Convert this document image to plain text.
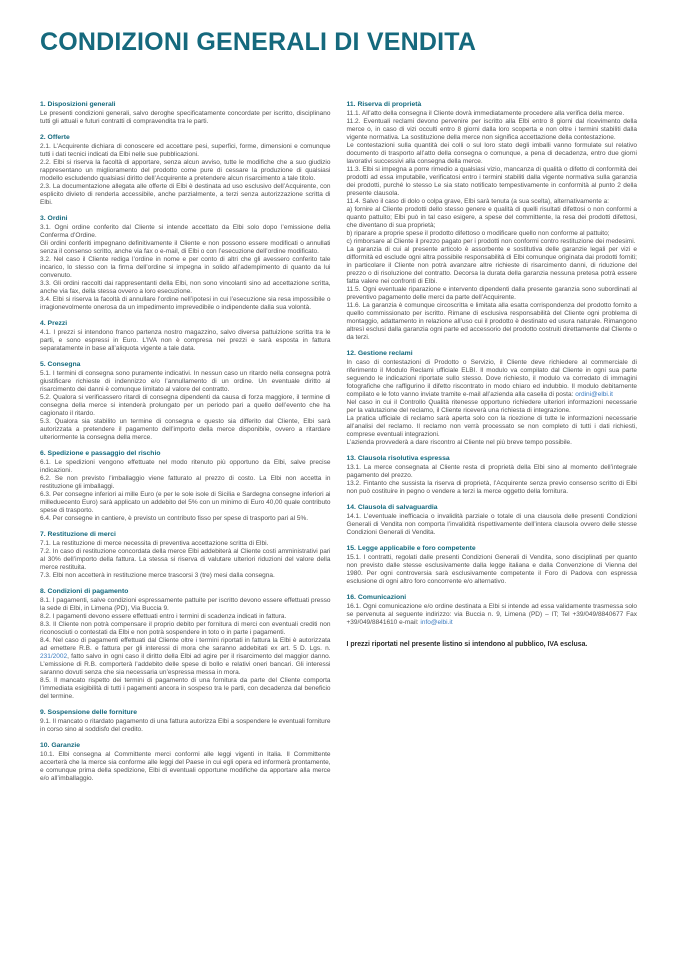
CONDIZIONI GENERALI DI VENDITA
1. Disposizioni generali

Le presenti condizioni generali, salvo deroghe specificatamente concordate per iscritto, disciplinano tutti gli attuali e futuri contratti di compravendita tra le parti.

2. Offerte

2.1. L’Acquirente dichiara di conoscere ed accettare pesi, superfici, forme, dimensioni e comunque tutti i dati tecnici indicati da Elbi nelle sue pubblicazioni.

2.2. Elbi si riserva la facoltà di apportare, senza alcun avviso, tutte le modifiche che a suo giudizio rappresentano un miglioramento del prodotto come pure di cessare la produzione di qualsiasi modello escludendo qualsiasi diritto dell’Acquirente a pretendere alcun risarcimento a tale titolo.

2.3. La documentazione allegata alle offerte di Elbi è destinata ad uso esclusivo dell’Acquirente, con esplicito divieto di renderla accessibile, anche parzialmente, a terzi senza autorizzazione scritta di Elbi.

3. Ordini

3.1. Ogni ordine conferito dal Cliente si intende accettato da Elbi solo dopo l’emissione della Conferma d’Ordine.

Gli ordini conferiti impegnano definitivamente il Cliente e non possono essere modificati o annullati senza il consenso scritto, anche via fax o e-mail, di Elbi o con l’esecuzione dell’ordine modificato.

3.2. Nel caso il Cliente rediga l’ordine in nome e per conto di altri che gli avessero conferito tale incarico, lo stesso con la firma dell’ordine si impegna in solido all’adempimento di quanto da lui convenuto.

3.3. Gli ordini raccolti dai rappresentanti della Elbi, non sono vincolanti sino ad accettazione scritta, anche via fax, della stessa ovvero a loro esecuzione.

3.4. Elbi si riserva la facoltà di annullare l’ordine nell’ipotesi in cui l’esecuzione sia resa impossibile o irragionevolmente onerosa da un impedimento imprevedibile o indipendente dalla sua volontà.

4. Prezzi

4.1. I prezzi si intendono franco partenza nostro magazzino, salvo diversa pattuizione scritta tra le parti, e sono espressi in Euro. L’IVA non è compresa nei prezzi e sarà esposta in fattura separatamente in base all’aliquota vigente a tale data.

5. Consegna

5.1. I termini di consegna sono puramente indicativi. In nessun caso un ritardo nella consegna potrà giustificare richieste di indennizzo e/o l’annullamento di un ordine. Un eventuale diritto al risarcimento dei danni è comunque limitato al valore del contratto.

5.2. Qualora si verificassero ritardi di consegna dipendenti da causa di forza maggiore, il termine di consegna della merce si intenderà prolungato per un periodo pari a quello dell’evento che ha cagionato il ritardo.

5.3. Qualora sia stabilito un termine di consegna e questo sia differito dal Cliente, Elbi sarà autorizzata a pretendere il pagamento dell’importo della merce disponibile, ovvero a ritardare ulteriormente la consegna della merce.

6. Spedizione e passaggio del rischio

6.1. Le spedizioni vengono effettuate nel modo ritenuto più opportuno da Elbi, salve precise indicazioni.

6.2. Se non previsto l’imballaggio viene fatturato al prezzo di costo. La Elbi non accetta in restituzione gli imballaggi.

6.3. Per consegne inferiori ai mille Euro (e per le sole isole di Sicilia e Sardegna consegne inferiori ai milleduecento Euro) sarà applicato un addebito del 5% con un minimo di Euro 40,00 quale contributo spese di trasporto.

6.4. Per consegne in cantiere, è previsto un contributo fisso per spese di trasporto pari al 5%.

7. Restituzione di merci

7.1. La restituzione di merce necessita di preventiva accettazione scritta di Elbi.

7.2. In caso di restituzione concordata della merce Elbi addebiterà al Cliente costi amministrativi pari al 30% dell’importo della fattura. La stessa si riserva di valutare ulteriori riduzioni del valore della merce restituita.

7.3. Elbi non accetterà in restituzione merce trascorsi 3 (tre) mesi dalla consegna.

8. Condizioni di pagamento

8.1. I pagamenti, salve condizioni espressamente pattuite per iscritto devono essere effettuati presso la sede di Elbi, in Limena (PD), Via Buccia 9.

8.2. I pagamenti devono essere effettuati entro i termini di scadenza indicati in fattura.

8.3. Il Cliente non potrà compensare il proprio debito per fornitura di merci con eventuali crediti non riconosciuti o contestati da Elbi e non potrà sospendere in toto o in parte i pagamenti.

8.4. Nel caso di pagamenti effettuati dal Cliente oltre i termini riportati in fattura la Elbi è autorizzata ad emettere R.B. e fattura per gli interessi di mora che saranno addebitati ex art. 5 D. Lgs. n. 231/2002, fatto salvo in ogni caso il diritto della Elbi ad agire per il risarcimento del maggior danno. L’emissione di R.B. comporterà l’addebito delle spese di bollo e relativi oneri bancari. Gli interessi saranno dovuti senza che sia necessaria un’espressa messa in mora.

8.5. Il mancato rispetto dei termini di pagamento di una fornitura da parte del Cliente comporta l’immediata esigibilità di tutti i pagamenti ancora in sospeso tra le parti, con decadenza dal beneficio del termine.

9. Sospensione delle forniture

9.1. Il mancato o ritardato pagamento di una fattura autorizza Elbi a sospendere le eventuali forniture in corso sino al soddisfo del credito.

10. Garanzie

10.1. Elbi consegna al Committente merci conformi alle leggi vigenti in Italia. Il Committente accerterà che la merce sia conforme alle leggi del Paese in cui egli opera ed informerà prontamente, e comunque prima della spedizione, Elbi di eventuali opportune modifiche da apportare alla merce e/o all’imballaggio.

11. Riserva di proprietà

11.1. All’atto della consegna il Cliente dovrà immediatamente procedere alla verifica della merce.

11.2. Eventuali reclami devono pervenire per iscritto alla Elbi entro 8 giorni dal ricevimento della merce o, in caso di vizi occulti entro 8 giorni dalla loro scoperta e non oltre i termini stabiliti dalla vigente normativa. La sostituzione della merce non significa accettazione della contestazione.

Le contestazioni sulla quantità dei colli o sul loro stato degli imballi vanno formulate sul relativo documento di trasporto all’atto della consegna o comunque, a pena di decadenza, entro due giorni lavorativi successivi alla consegna della merce.

11.3. Elbi si impegna a porre rimedio a qualsiasi vizio, mancanza di qualità o difetto di conformità dei prodotti ad essa imputabile, verificatosi entro i termini stabiliti dalla vigente normativa sulla garanzia dei prodotti, purché lo stesso Le sia stato notificato tempestivamente in conformità al punto 2 della presente clausola.

11.4. Salvo il caso di dolo o colpa grave, Elbi sarà tenuta (a sua scelta), alternativamente a:

a) fornire al Cliente prodotti dello stesso genere e qualità di quelli risultati difettosi o non conformi a quanto pattuito; Elbi può in tal caso esigere, a spese del committente, la resa dei prodotti difettosi, che diventano di sua proprietà;

b) riparare a proprie spese il prodotto difettoso o modificare quello non conforme al pattuito;

c) rimborsare al Cliente il prezzo pagato per i prodotti non conformi contro restituzione dei medesimi.

La garanzia di cui al presente articolo è assorbente e sostitutiva delle garanzie legali per vizi e difformità ed esclude ogni altra possibile responsabilità di Elbi comunque originata dai prodotti forniti; in particolare il Cliente non potrà avanzare altre richieste di risarcimento danni, di riduzione del prezzo o di risoluzione del contratto. Decorsa la durata della garanzia nessuna pretesa potrà essere fatta valere nei confronti di Elbi.

11.5. Ogni eventuale riparazione e intervento dipendenti dalla presente garanzia sono subordinati al preventivo pagamento delle merci da parte dell’Acquirente.

11.6. La garanzia è comunque circoscritta e limitata alla esatta corrispondenza del prodotto fornito a quello commissionato per iscritto. Rimane di esclusiva responsabilità del Cliente ogni problema di montaggio, adattamento in relazione all’uso cui il prodotto è destinato ed usura naturale. Rimangono altresì esclusi dalla garanzia ogni parte ed accessorio del prodotto costruiti direttamente dal Cliente o da terzi.

12. Gestione reclami

In caso di contestazioni di Prodotto o Servizio, il Cliente deve richiedere al commerciale di riferimento il Modulo Reclami ufficiale ELBI. Il modulo va compilato dal Cliente in ogni sua parte seguendo le indicazioni riportate sullo stesso. Dove richiesto, il modulo va corredato di immagini fotografiche che raffigurino il difetto riscontrato in modo chiaro ed indubbio. Il modulo debitamente compilato e le foto vanno inviate tramite e-mail all’azienda alla casella di posta: ordini@elbi.it

Nel caso in cui il Controllo Qualità ritenesse opportuno richiedere ulteriori informazioni necessarie per la valutazione del reclamo, il Cliente riceverà una richiesta di integrazione.

La pratica ufficiale di reclamo sarà aperta solo con la ricezione di tutte le informazioni necessarie all’analisi del reclamo. Il reclamo non verrà processato se non completo di tutti i dati richiesti, comprese eventuali integrazioni.

L’azienda provvederà a dare riscontro al Cliente nel più breve tempo possibile.

13. Clausola risolutiva espressa

13.1. La merce consegnata al Cliente resta di proprietà della Elbi sino al momento dell’integrale pagamento del prezzo.

13.2. Fintanto che sussista la riserva di proprietà, l’Acquirente senza previo consenso scritto di Elbi non può costituire in pegno o vendere a terzi la merce oggetto della fornitura.

14. Clausola di salvaguardia

14.1. L’eventuale inefficacia o invalidità parziale o totale di una clausola delle presenti Condizioni Generali di Vendita non comporta l’invalidità rispettivamente dell’intera clausola ovvero delle stesse Condizioni Generali di Vendita.

15. Legge applicabile e foro competente

15.1. I contratti, regolati dalle presenti Condizioni Generali di Vendita, sono disciplinati per quanto non previsto dalle stesse esclusivamente dalla legge italiana e dalla Convenzione di Vienna del 1980. Per ogni controversia sarà esclusivamente competente il Foro di Padova con espressa esclusione di ogni altro foro concorrente e/o alternativo.

16. Comunicazioni

16.1. Ogni comunicazione e/o ordine destinata a Elbi si intende ad essa validamente trasmessa solo se pervenuta al seguente indirizzo: via Buccia n. 9, Limena (PD) – IT; Tel +39/049/8840677 Fax +39/049/8841610 e-mail: info@elbi.it

I prezzi riportati nel presente listino si intendono al pubblico, IVA esclusa.
